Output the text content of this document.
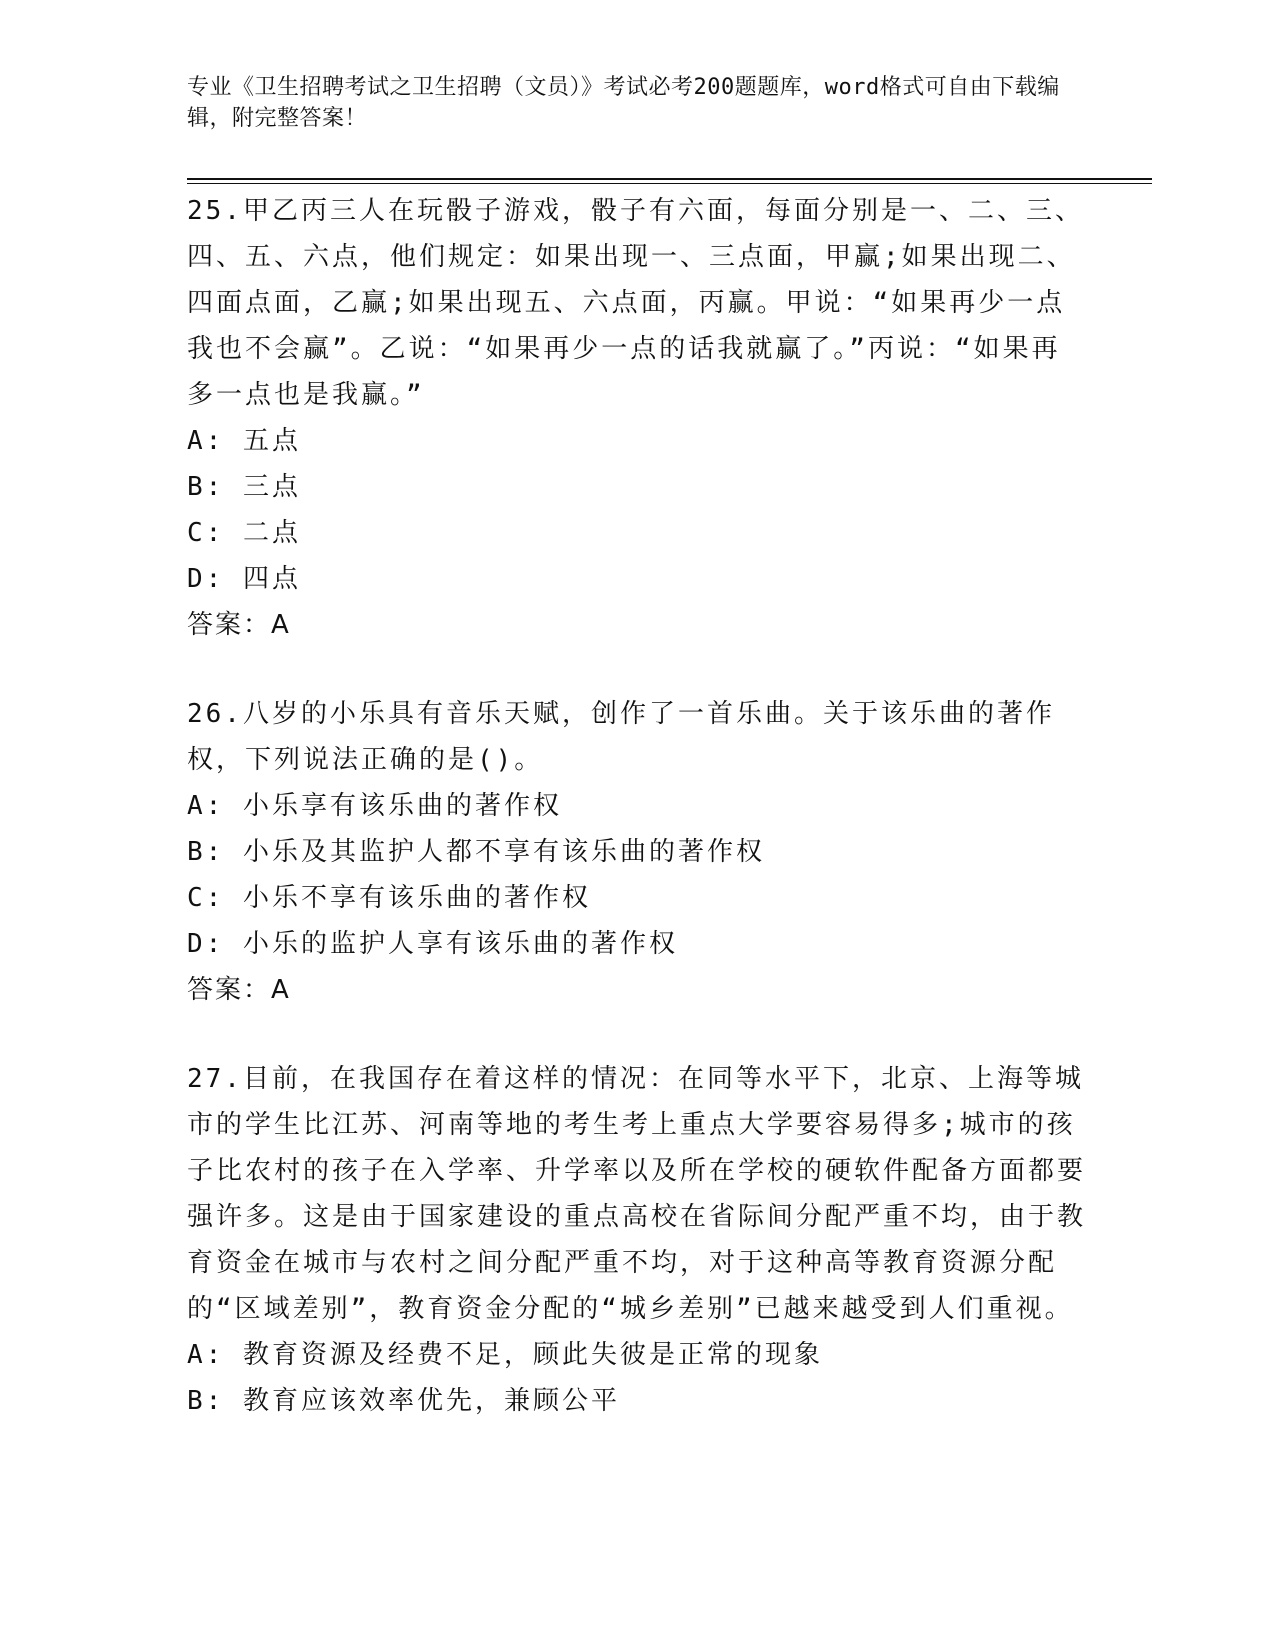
专业《卫生招聘考试之卫生招聘（文员）》考试必考200题题库，word格式可自由下载编辑，附完整答案！
25.甲乙丙三人在玩骰子游戏，骰子有六面，每面分别是一、二、三、四、五、六点，他们规定：如果出现一、三点面，甲赢;如果出现二、四面点面，乙赢;如果出现五、六点面，丙赢。甲说：“如果再少一点我也不会赢”。乙说：“如果再少一点的话我就赢了。”丙说：“如果再多一点也是我赢。”
A: 五点
B: 三点
C: 二点
D: 四点
答案：A
26.八岁的小乐具有音乐天赋，创作了一首乐曲。关于该乐曲的著作权，下列说法正确的是()。
A: 小乐享有该乐曲的著作权
B: 小乐及其监护人都不享有该乐曲的著作权
C: 小乐不享有该乐曲的著作权
D: 小乐的监护人享有该乐曲的著作权
答案：A
27.目前，在我国存在着这样的情况：在同等水平下，北京、上海等城市的学生比江苏、河南等地的考生考上重点大学要容易得多;城市的孩子比农村的孩子在入学率、升学率以及所在学校的硬软件配备方面都要强许多。这是由于国家建设的重点高校在省际间分配严重不均，由于教育资金在城市与农村之间分配严重不均，对于这种高等教育资源分配的“区域差别”，教育资金分配的“城乡差别”已越来越受到人们重视。
A: 教育资源及经费不足，顾此失彼是正常的现象
B: 教育应该效率优先，兼顾公平
